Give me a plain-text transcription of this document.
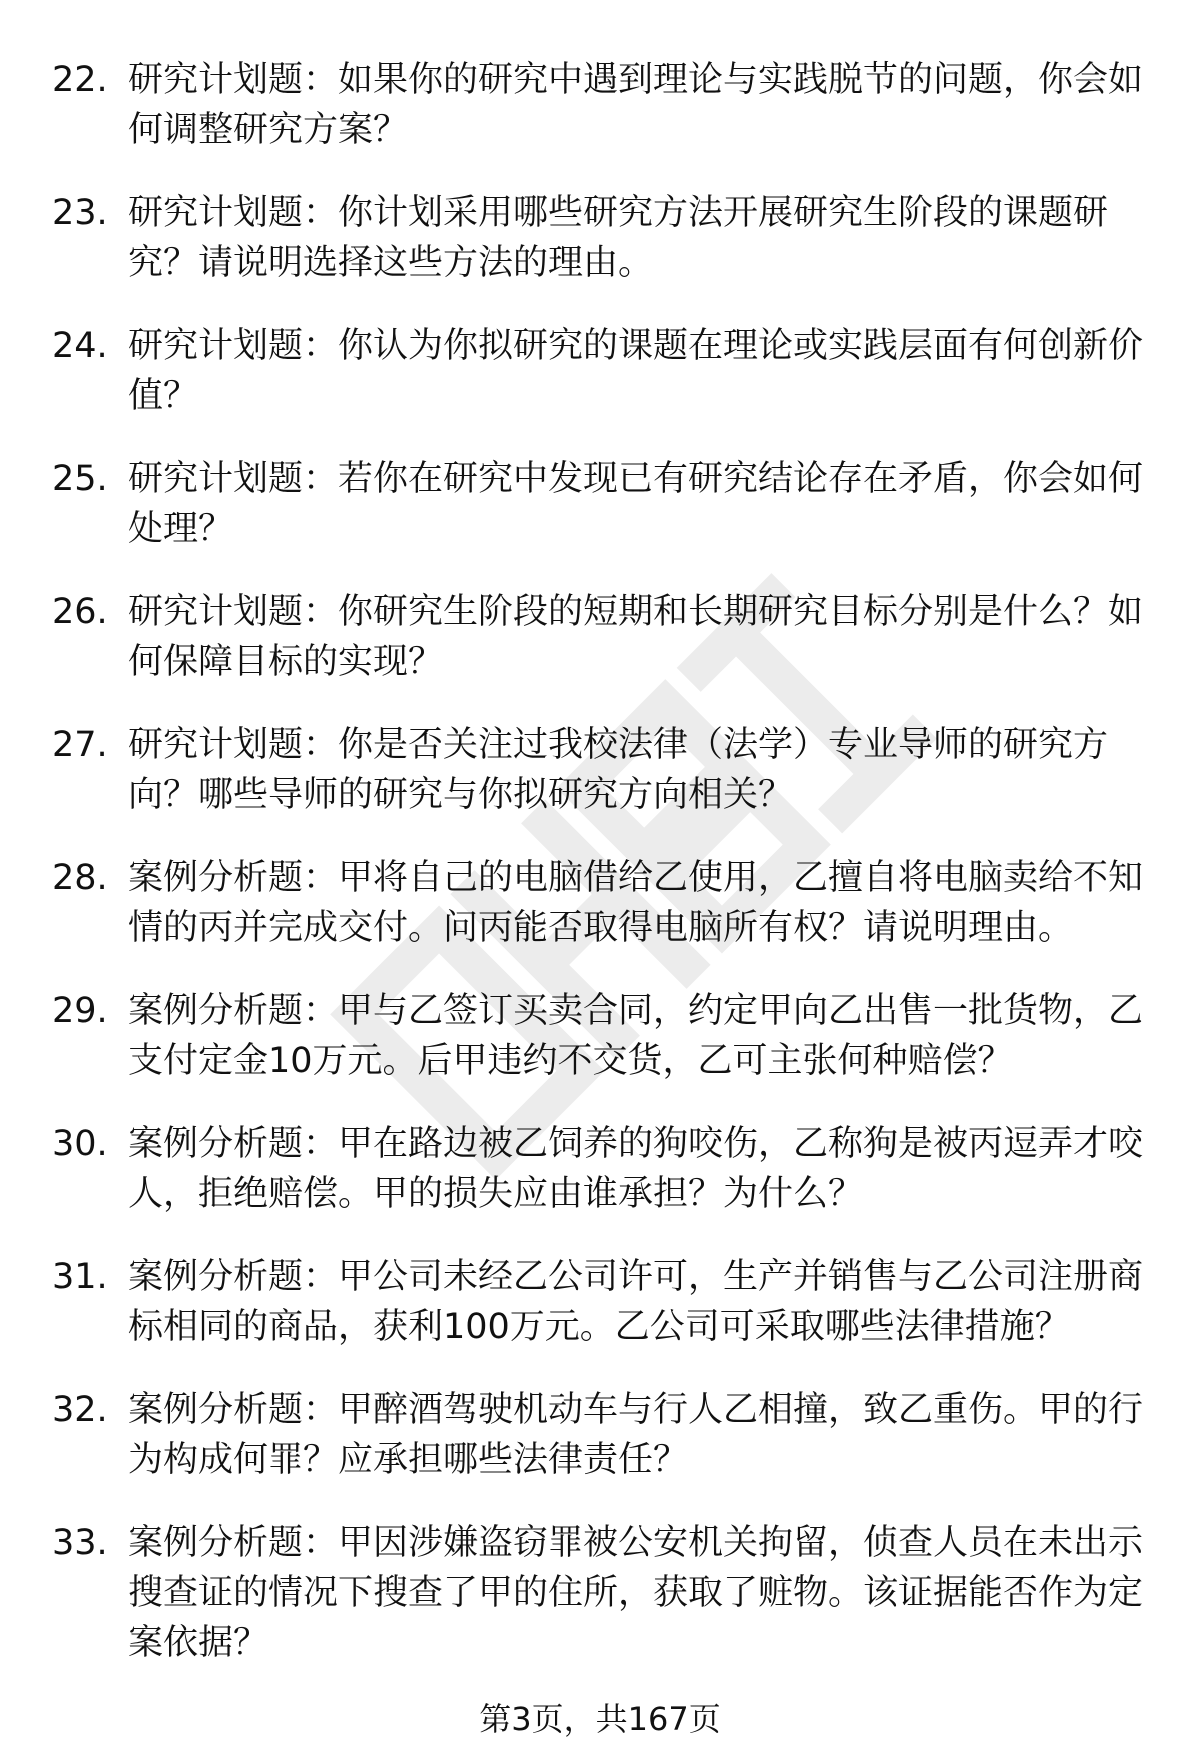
22. 研究计划题：如果你的研究中遇到理论与实践脱节的问题，你会如何调整研究方案？
23. 研究计划题：你计划采用哪些研究方法开展研究生阶段的课题研究？请说明选择这些方法的理由。
24. 研究计划题：你认为你拟研究的课题在理论或实践层面有何创新价值？
25. 研究计划题：若你在研究中发现已有研究结论存在矛盾，你会如何处理？
26. 研究计划题：你研究生阶段的短期和长期研究目标分别是什么？如何保障目标的实现？
27. 研究计划题：你是否关注过我校法律（法学）专业导师的研究方向？哪些导师的研究与你拟研究方向相关？
28. 案例分析题：甲将自己的电脑借给乙使用，乙擅自将电脑卖给不知情的丙并完成交付。问丙能否取得电脑所有权？请说明理由。
29. 案例分析题：甲与乙签订买卖合同，约定甲向乙出售一批货物，乙支付定金10万元。后甲违约不交货，乙可主张何种赔偿？
30. 案例分析题：甲在路边被乙饲养的狗咬伤，乙称狗是被丙逗弄才咬人，拒绝赔偿。甲的损失应由谁承担？为什么？
31. 案例分析题：甲公司未经乙公司许可，生产并销售与乙公司注册商标相同的商品，获利100万元。乙公司可采取哪些法律措施？
32. 案例分析题：甲醉酒驾驶机动车与行人乙相撞，致乙重伤。甲的行为构成何罪？应承担哪些法律责任？
33. 案例分析题：甲因涉嫌盗窃罪被公安机关拘留，侦查人员在未出示搜查证的情况下搜查了甲的住所，获取了赃物。该证据能否作为定案依据？
第3页，共167页
